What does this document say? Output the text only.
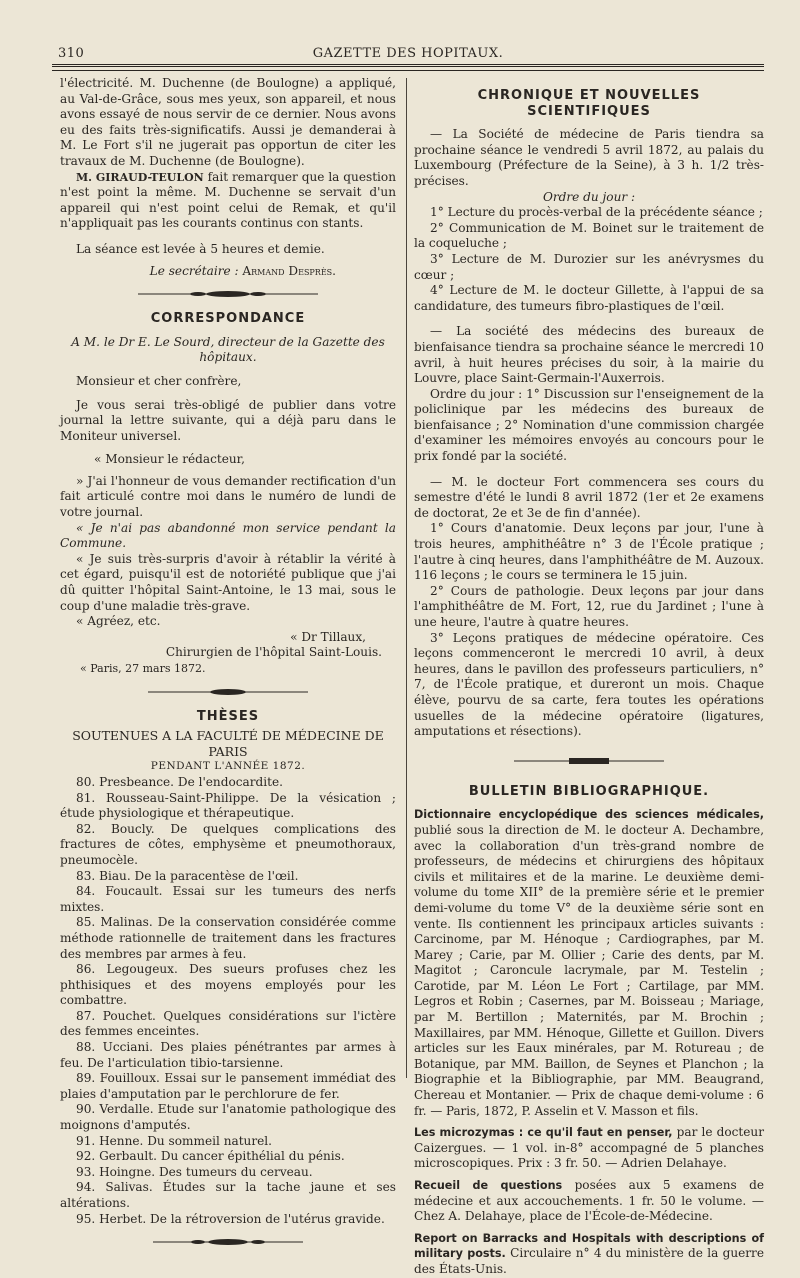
310	GAZETTE DES HOPITAUX.

l'électricité. M. Duchenne (de Boulogne) a appliqué, au Val-de-Grâce, sous mes yeux, son appareil, et nous avons essayé de nous servir de ce dernier. Nous avons eu des faits très-significatifs. Aussi je demanderai à M. Le Fort s'il ne jugerait pas opportun de citer les travaux de M. Duchenne (de Boulogne).

M. GIRAUD-TEULON fait remarquer que la question n'est point la même. M. Duchenne se servait d'un appareil qui n'est point celui de Remak, et qu'il n'appliquait pas les courants continus con stants.

La séance est levée à 5 heures et demie.

Le secrétaire : Armand Desprès.

CORRESPONDANCE

A M. le Dr E. Le Sourd, directeur de la Gazette des hôpitaux.

Monsieur et cher confrère,

Je vous serai très-obligé de publier dans votre journal la lettre suivante, qui a déjà paru dans le Moniteur universel.

« Monsieur le rédacteur,

» J'ai l'honneur de vous demander rectification d'un fait articulé contre moi dans le numéro de lundi de votre journal.

« Je n'ai pas abandonné mon service pendant la Commune.

« Je suis très-surpris d'avoir à rétablir la vérité à cet égard, puisqu'il est de notoriété publique que j'ai dû quitter l'hôpital Saint-Antoine, le 13 mai, sous le coup d'une maladie très-grave.

« Agréez, etc.

« Dr Tillaux,

Chirurgien de l'hôpital Saint-Louis.

« Paris, 27 mars 1872.

THÈSES

SOUTENUES A LA FACULTÉ DE MÉDECINE DE PARIS

PENDANT L'ANNÉE 1872.

80. Presbeance. De l'endocardite.

81. Rousseau-Saint-Philippe. De la vésication ; étude physiologique et thérapeutique.

82. Boucly. De quelques complications des fractures de côtes, emphysème et pneumothoraux, pneumocèle.

83. Biau. De la paracentèse de l'œil.

84. Foucault. Essai sur les tumeurs des nerfs mixtes.

85. Malinas. De la conservation considérée comme méthode rationnelle de traitement dans les fractures des membres par armes à feu.

86. Legougeux. Des sueurs profuses chez les phthisiques et des moyens employés pour les combattre.

87. Pouchet. Quelques considérations sur l'ictère des femmes enceintes.

88. Ucciani. Des plaies pénétrantes par armes à feu. De l'articulation tibio-tarsienne.

89. Fouilloux. Essai sur le pansement immédiat des plaies d'amputation par le perchlorure de fer.

90. Verdalle. Etude sur l'anatomie pathologique des moignons d'amputés.

91. Henne. Du sommeil naturel.

92. Gerbault. Du cancer épithélial du pénis.

93. Hoingne. Des tumeurs du cerveau.

94. Salivas. Études sur la tache jaune et ses altérations.

95. Herbet. De la rétroversion de l'utérus gravide.

CHRONIQUE ET NOUVELLES SCIENTIFIQUES

— La Société de médecine de Paris tiendra sa prochaine séance le vendredi 5 avril 1872, au palais du Luxembourg (Préfecture de la Seine), à 3 h. 1/2 très-précises.

Ordre du jour :

1° Lecture du procès-verbal de la précédente séance ;

2° Communication de M. Boinet sur le traitement de la coqueluche ;

3° Lecture de M. Durozier sur les anévrysmes du cœur ;

4° Lecture de M. le docteur Gillette, à l'appui de sa candidature, des tumeurs fibro-plastiques de l'œil.

— La société des médecins des bureaux de bienfaisance tiendra sa prochaine séance le mercredi 10 avril, à huit heures précises du soir, à la mairie du Louvre, place Saint-Germain-l'Auxerrois.

Ordre du jour : 1° Discussion sur l'enseignement de la policlinique par les médecins des bureaux de bienfaisance ; 2° Nomination d'une commission chargée d'examiner les mémoires envoyés au concours pour le prix fondé par la société.

— M. le docteur Fort commencera ses cours du semestre d'été le lundi 8 avril 1872 (1er et 2e examens de doctorat, 2e et 3e de fin d'année).

1° Cours d'anatomie. Deux leçons par jour, l'une à trois heures, amphithéâtre n° 3 de l'École pratique ; l'autre à cinq heures, dans l'amphithéâtre de M. Auzoux. 116 leçons ; le cours se terminera le 15 juin.

2° Cours de pathologie. Deux leçons par jour dans l'amphithéâtre de M. Fort, 12, rue du Jardinet ; l'une à une heure, l'autre à quatre heures.

3° Leçons pratiques de médecine opératoire. Ces leçons commenceront le mercredi 10 avril, à deux heures, dans le pavillon des professeurs particuliers, n° 7, de l'École pratique, et dureront un mois. Chaque élève, pourvu de sa carte, fera toutes les opérations usuelles de la médecine opératoire (ligatures, amputations et résections).

BULLETIN BIBLIOGRAPHIQUE.

Dictionnaire encyclopédique des sciences médicales, publié sous la direction de M. le docteur A. Dechambre, avec la collaboration d'un très-grand nombre de professeurs, de médecins et chirurgiens des hôpitaux civils et militaires et de la marine. Le deuxième demi-volume du tome XII° de la première série et le premier demi-volume du tome V° de la deuxième série sont en vente. Ils contiennent les principaux articles suivants : Carcinome, par M. Hénoque ; Cardiographes, par M. Marey ; Carie, par M. Ollier ; Carie des dents, par M. Magitot ; Caroncule lacrymale, par M. Testelin ; Carotide, par M. Léon Le Fort ; Cartilage, par MM. Legros et Robin ; Casernes, par M. Boisseau ; Mariage, par M. Bertillon ; Maternités, par M. Brochin ; Maxillaires, par MM. Hénoque, Gillette et Guillon. Divers articles sur les Eaux minérales, par M. Rotureau ; de Botanique, par MM. Baillon, de Seynes et Planchon ; la Biographie et la Bibliographie, par MM. Beaugrand, Chereau et Montanier. — Prix de chaque demi-volume : 6 fr. — Paris, 1872, P. Asselin et V. Masson et fils.

Les microzymas : ce qu'il faut en penser, par le docteur Caizergues. — 1 vol. in-8° accompagné de 5 planches microscopiques. Prix : 3 fr. 50. — Adrien Delahaye.

Recueil de questions posées aux 5 examens de médecine et aux accouchements. 1 fr. 50 le volume. — Chez A. Delahaye, place de l'École-de-Médecine.

Report on Barracks and Hospitals with descriptions of military posts. Circulaire n° 4 du ministère de la guerre des États-Unis.
